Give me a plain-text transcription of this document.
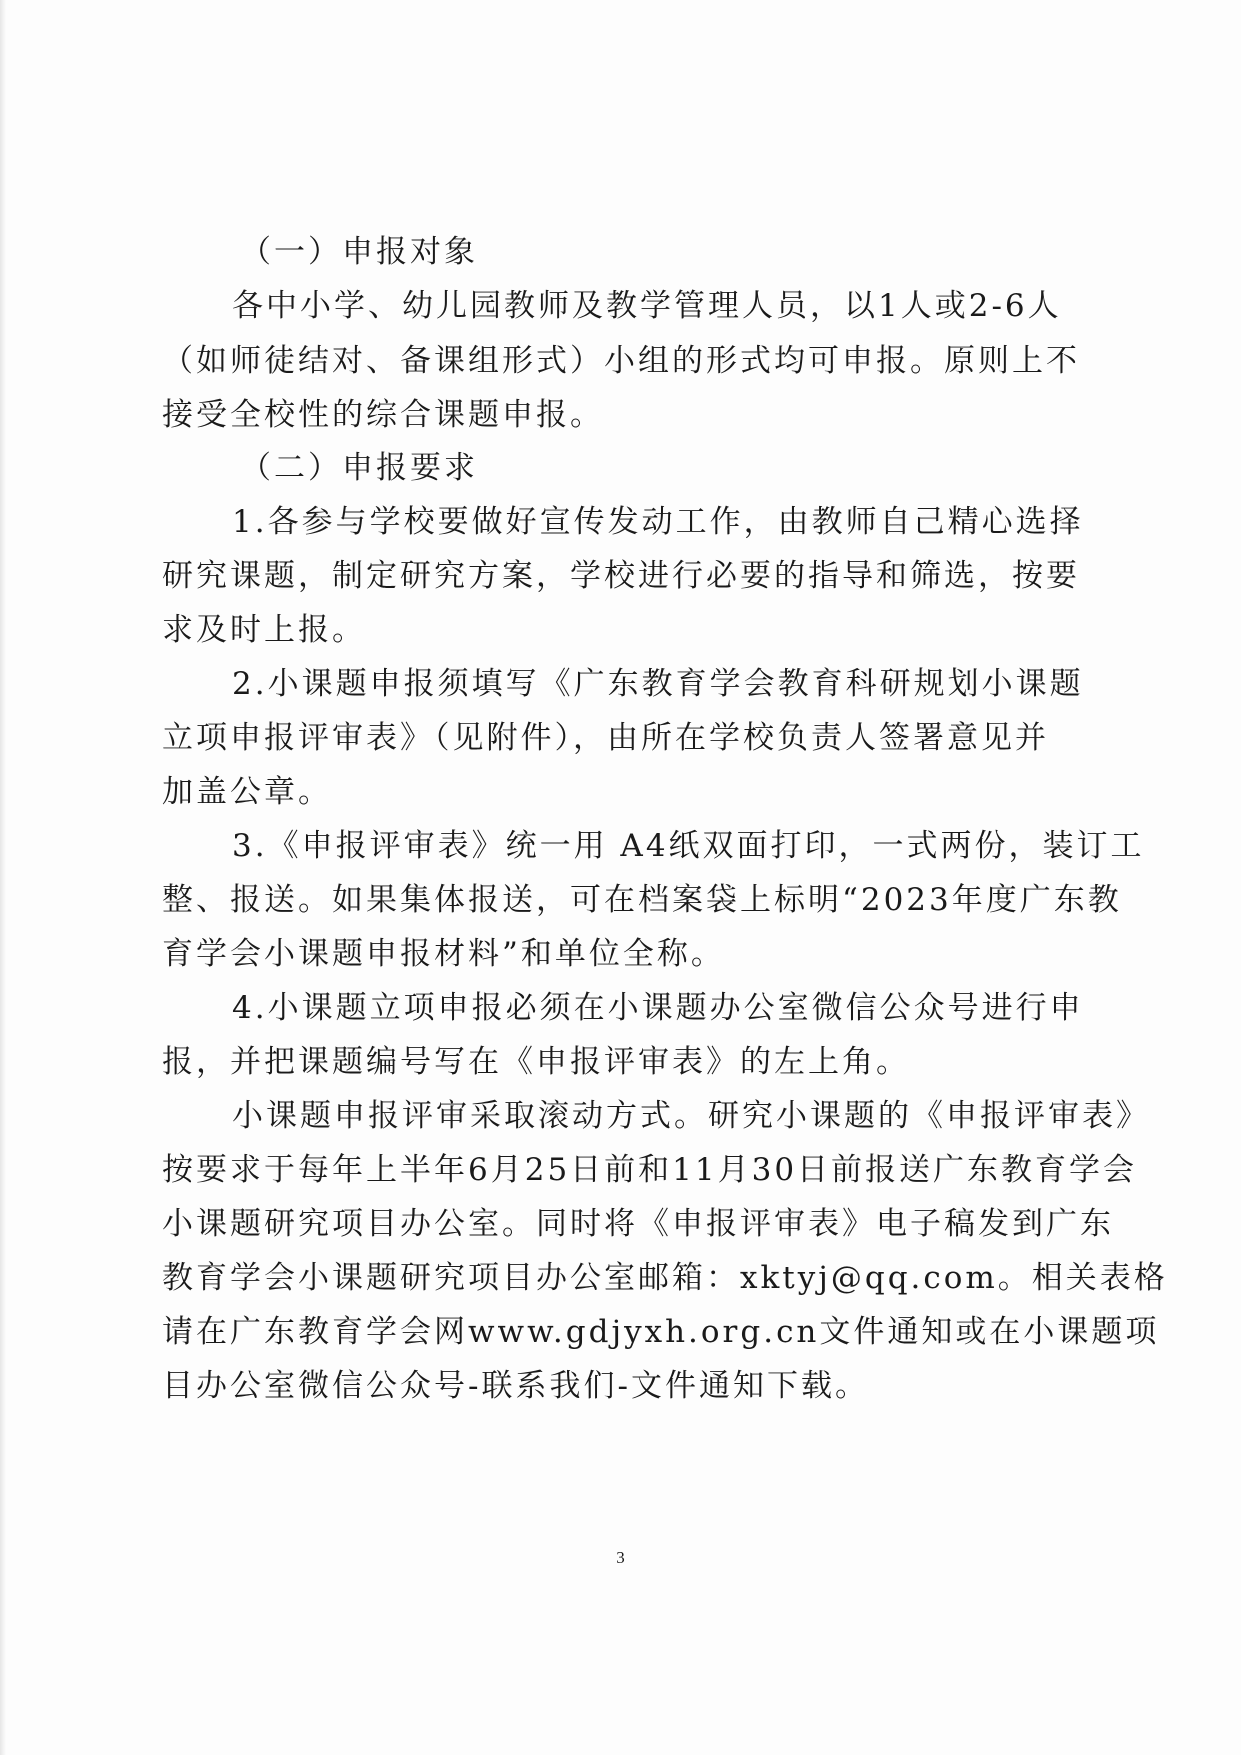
（一）申报对象
各中小学、幼儿园教师及教学管理人员，以1人或2-6人
（如师徒结对、备课组形式）小组的形式均可申报。原则上不
接受全校性的综合课题申报。
（二）申报要求
1.各参与学校要做好宣传发动工作，由教师自己精心选择
研究课题，制定研究方案，学校进行必要的指导和筛选，按要
求及时上报。
2.小课题申报须填写《广东教育学会教育科研规划小课题
立项申报评审表》（见附件），由所在学校负责人签署意见并
加盖公章。
3.《申报评审表》统一用 A4纸双面打印，一式两份，装订工
整、报送。如果集体报送，可在档案袋上标明“2023年度广东教
育学会小课题申报材料”和单位全称。
4.小课题立项申报必须在小课题办公室微信公众号进行申
报，并把课题编号写在《申报评审表》的左上角。
小课题申报评审采取滚动方式。研究小课题的《申报评审表》
按要求于每年上半年6月25日前和11月30日前报送广东教育学会
小课题研究项目办公室。同时将《申报评审表》电子稿发到广东
教育学会小课题研究项目办公室邮箱：xktyj@qq.com。相关表格
请在广东教育学会网www.gdjyxh.org.cn文件通知或在小课题项
目办公室微信公众号-联系我们-文件通知下载。
3
